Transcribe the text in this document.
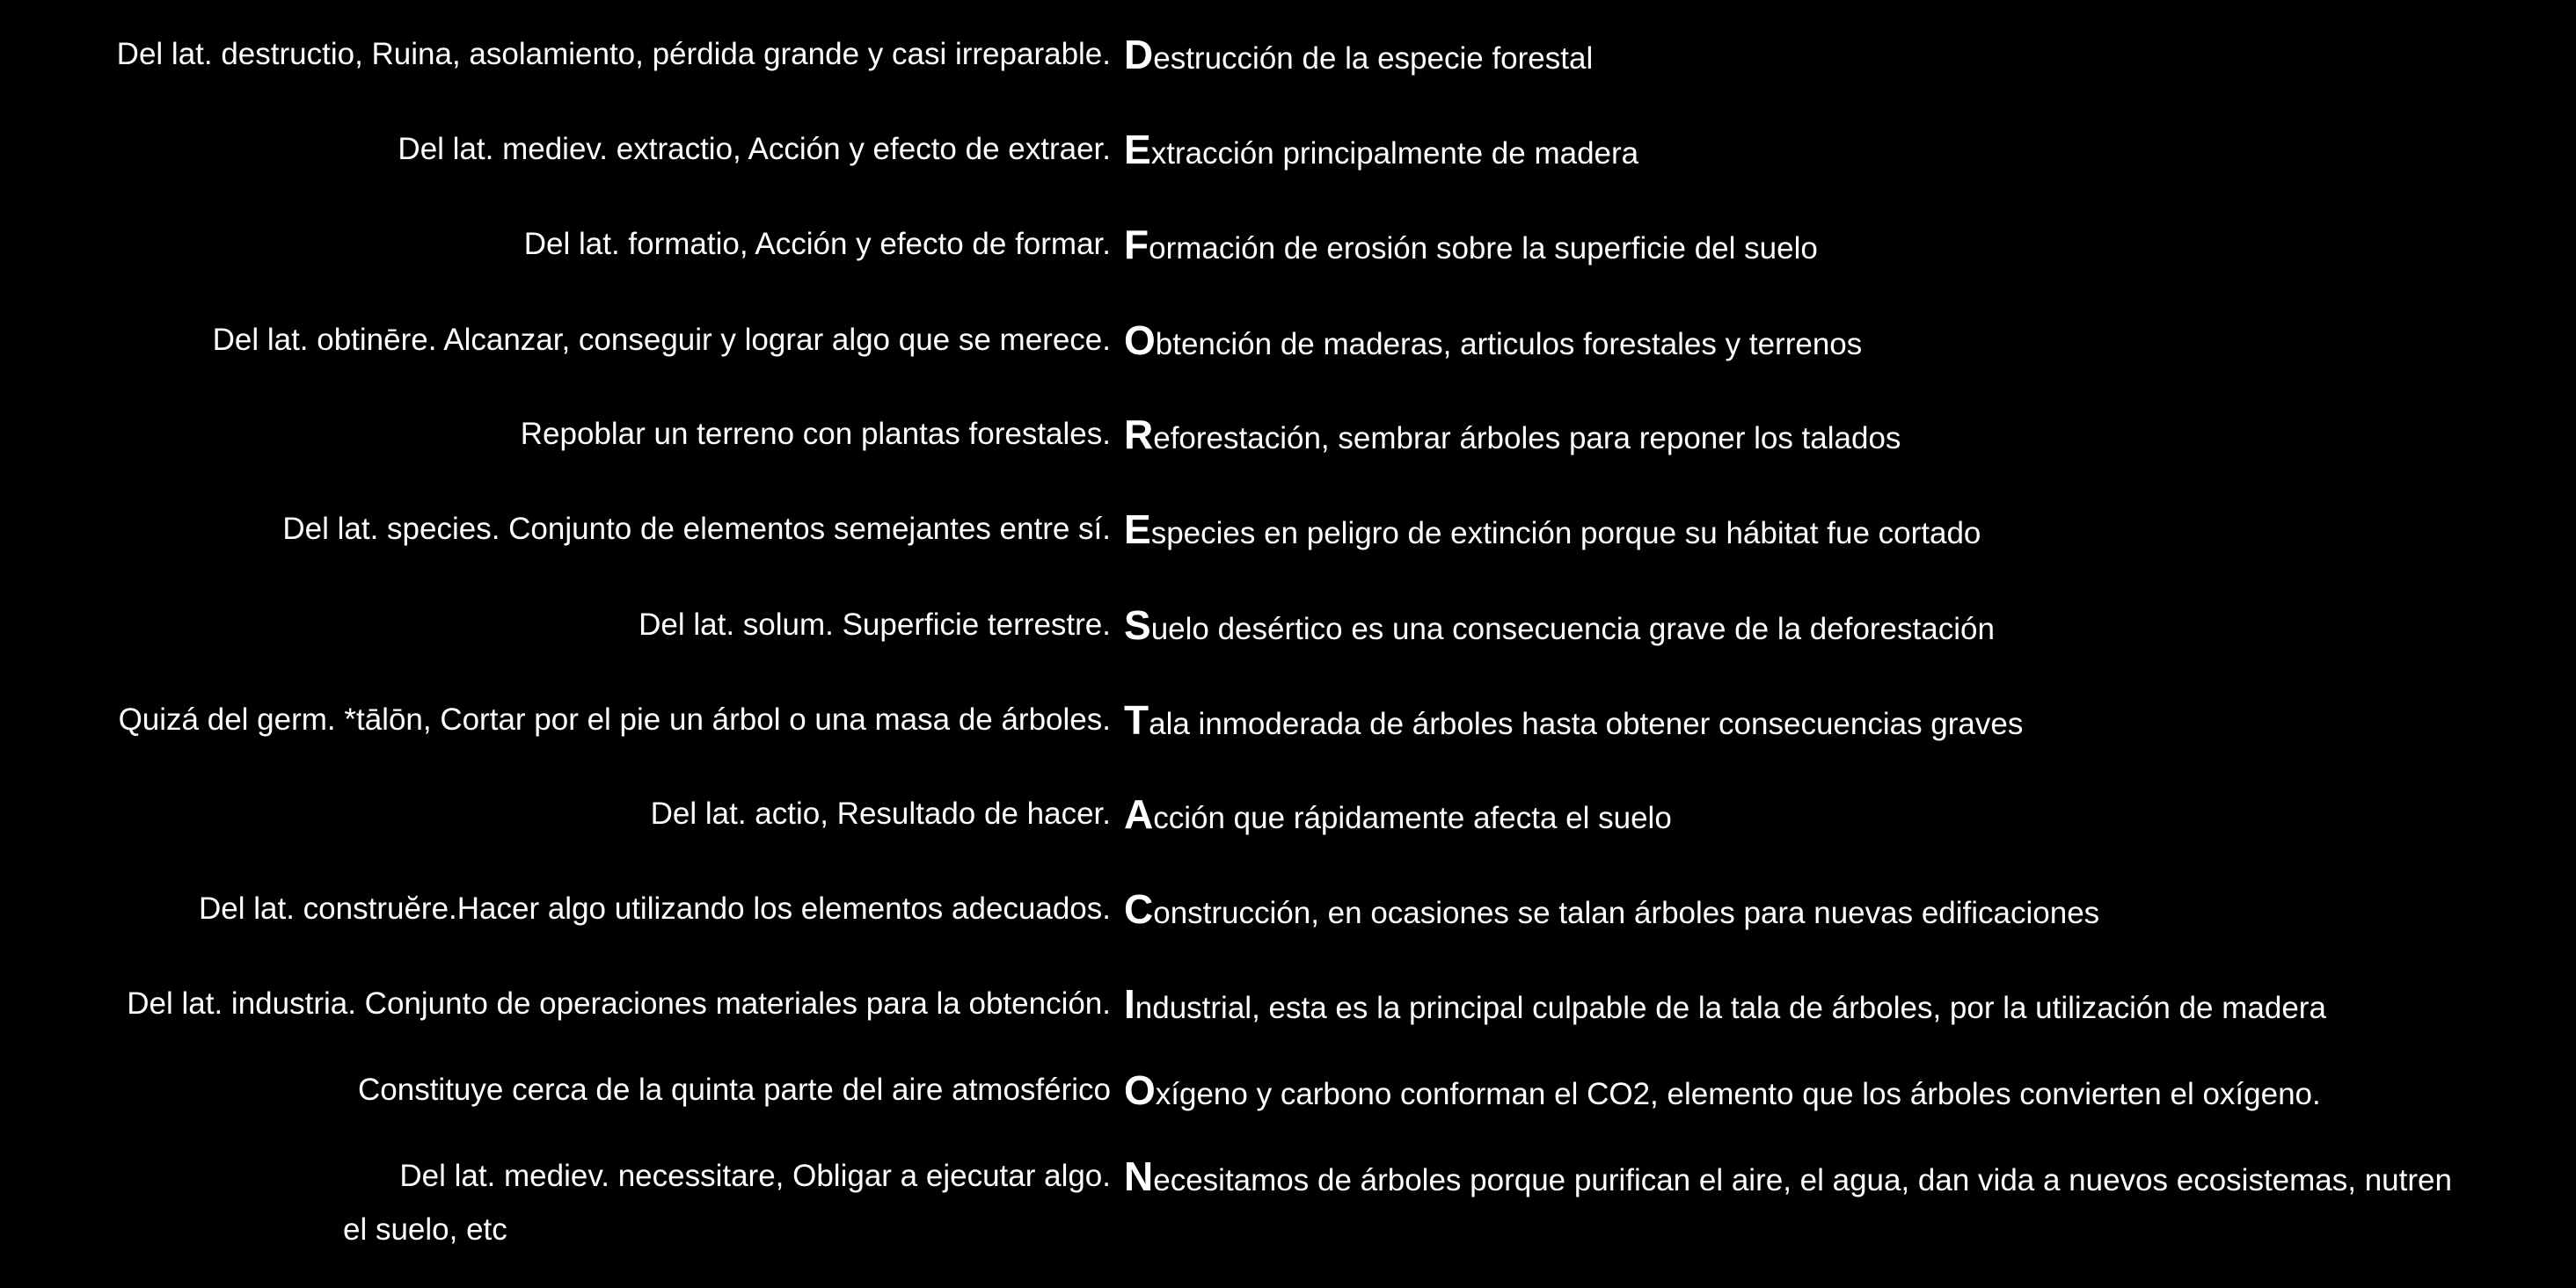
Del lat. destructio, Ruina, asolamiento, pérdida grande y casi irreparable. Destrucción de la especie forestal
Del lat. mediev. extractio, Acción y efecto de extraer. Extracción principalmente de madera
Del lat. formatio, Acción y efecto de formar. Formación de erosión sobre la superficie del suelo
Del lat. obtinēre. Alcanzar, conseguir y lograr algo que se merece. Obtención de maderas, articulos forestales y terrenos
Repoblar un terreno con plantas forestales. Reforestación, sembrar árboles para reponer los talados
Del lat. species. Conjunto de elementos semejantes entre sí. Especies en peligro de extinción porque su hábitat fue cortado
Del lat. solum. Superficie terrestre. Suelo desértico es una consecuencia grave de la deforestación
Quizá del germ. *tālōn, Cortar por el pie un árbol o una masa de árboles. Tala inmoderada de árboles hasta obtener consecuencias graves
Del lat. actio, Resultado de hacer. Acción que rápidamente afecta el suelo
Del lat. construĕre.Hacer algo utilizando los elementos adecuados. Construcción, en ocasiones se talan árboles para nuevas edificaciones
Del lat. industria. Conjunto de operaciones materiales para la obtención. Industrial, esta es la principal culpable de la tala de árboles, por la utilización de madera
Constituye cerca de la quinta parte del aire atmosférico Oxígeno y carbono conforman el CO2, elemento que los árboles convierten el oxígeno.
Del lat. mediev. necessitare, Obligar a ejecutar algo. Necesitamos de árboles porque purifican el aire, el agua, dan vida a nuevos ecosistemas, nutren
el suelo, etc
